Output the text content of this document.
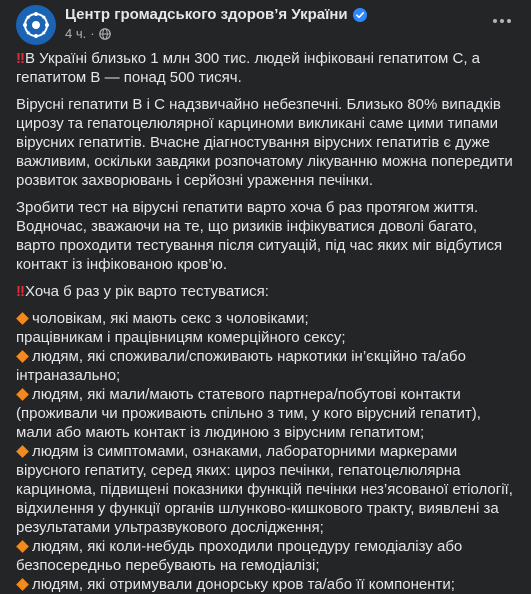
Центр громадського здоров’я України
4 ч. ·

!!В Україні близько 1 млн 300 тис. людей інфіковані гепатитом С, а гепатитом В — понад 500 тисяч.

Вірусні гепатити В і С надзвичайно небезпечні. Близько 80% випадків цирозу та гепатоцелюлярної карциноми викликані саме цими типами вірусних гепатитів. Вчасне діагностування вірусних гепатитів є дуже важливим, оскільки завдяки розпочатому лікуванню можна попередити розвиток захворювань і серйозні ураження печінки.

Зробити тест на вірусні гепатити варто хоча б раз протягом життя. Водночас, зважаючи на те, що ризиків інфікуватися доволі багато, варто проходити тестування після ситуацій, під час яких міг відбутися контакт із інфікованою кров’ю.

!!Хоча б раз у рік варто тестуватися:

чоловікам, які мають секс з чоловіками;
працівникам і працівницям комерційного сексу;
людям, які споживали/споживають наркотики ін’єкційно та/або інтраназально;
людям, які мали/мають статевого партнера/побутові контакти (проживали чи проживають спільно з тим, у кого вірусний гепатит), мали або мають контакт із людиною з вірусним гепатитом;
людям із симптомами, ознаками, лабораторними маркерами вірусного гепатиту, серед яких: цироз печінки, гепатоцелюлярна карцинома, підвищені показники функцій печінки нез’ясованої етіології, відхилення у функції органів шлунково-кишкового тракту, виявлені за результатами ультразвукового дослідження;
людям, які коли-небудь проходили процедуру гемодіалізу або безпосередньо перебувають на гемодіалізі;
людям, які отримували донорську кров та/або її компоненти;
